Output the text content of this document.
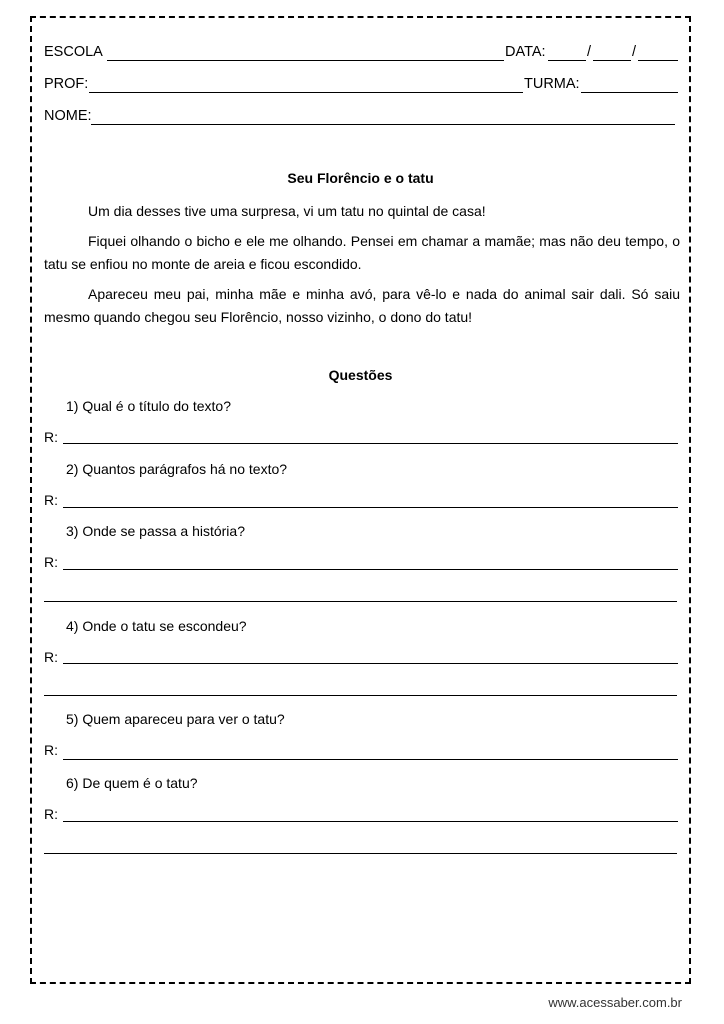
ESCOLA	DATA:	/	/
PROF:	TURMA:
NOME:
Seu Florêncio e o tatu

Um dia desses tive uma surpresa, vi um tatu no quintal de casa!

Fiquei olhando o bicho e ele me olhando. Pensei em chamar a mamãe; mas não deu tempo, o tatu se enfiou no monte de areia e ficou escondido.

Apareceu meu pai, minha mãe e minha avó, para vê-lo e nada do animal sair dali. Só saiu mesmo quando chegou seu Florêncio, nosso vizinho, o dono do tatu!

Questões
1) Qual é o título do texto?
R:
2) Quantos parágrafos há no texto?
R:
3) Onde se passa a história?
R:
4) Onde o tatu se escondeu?
R:
5) Quem apareceu para ver o tatu?
R:
6) De quem é o tatu?
R:
www.acessaber.com.br
